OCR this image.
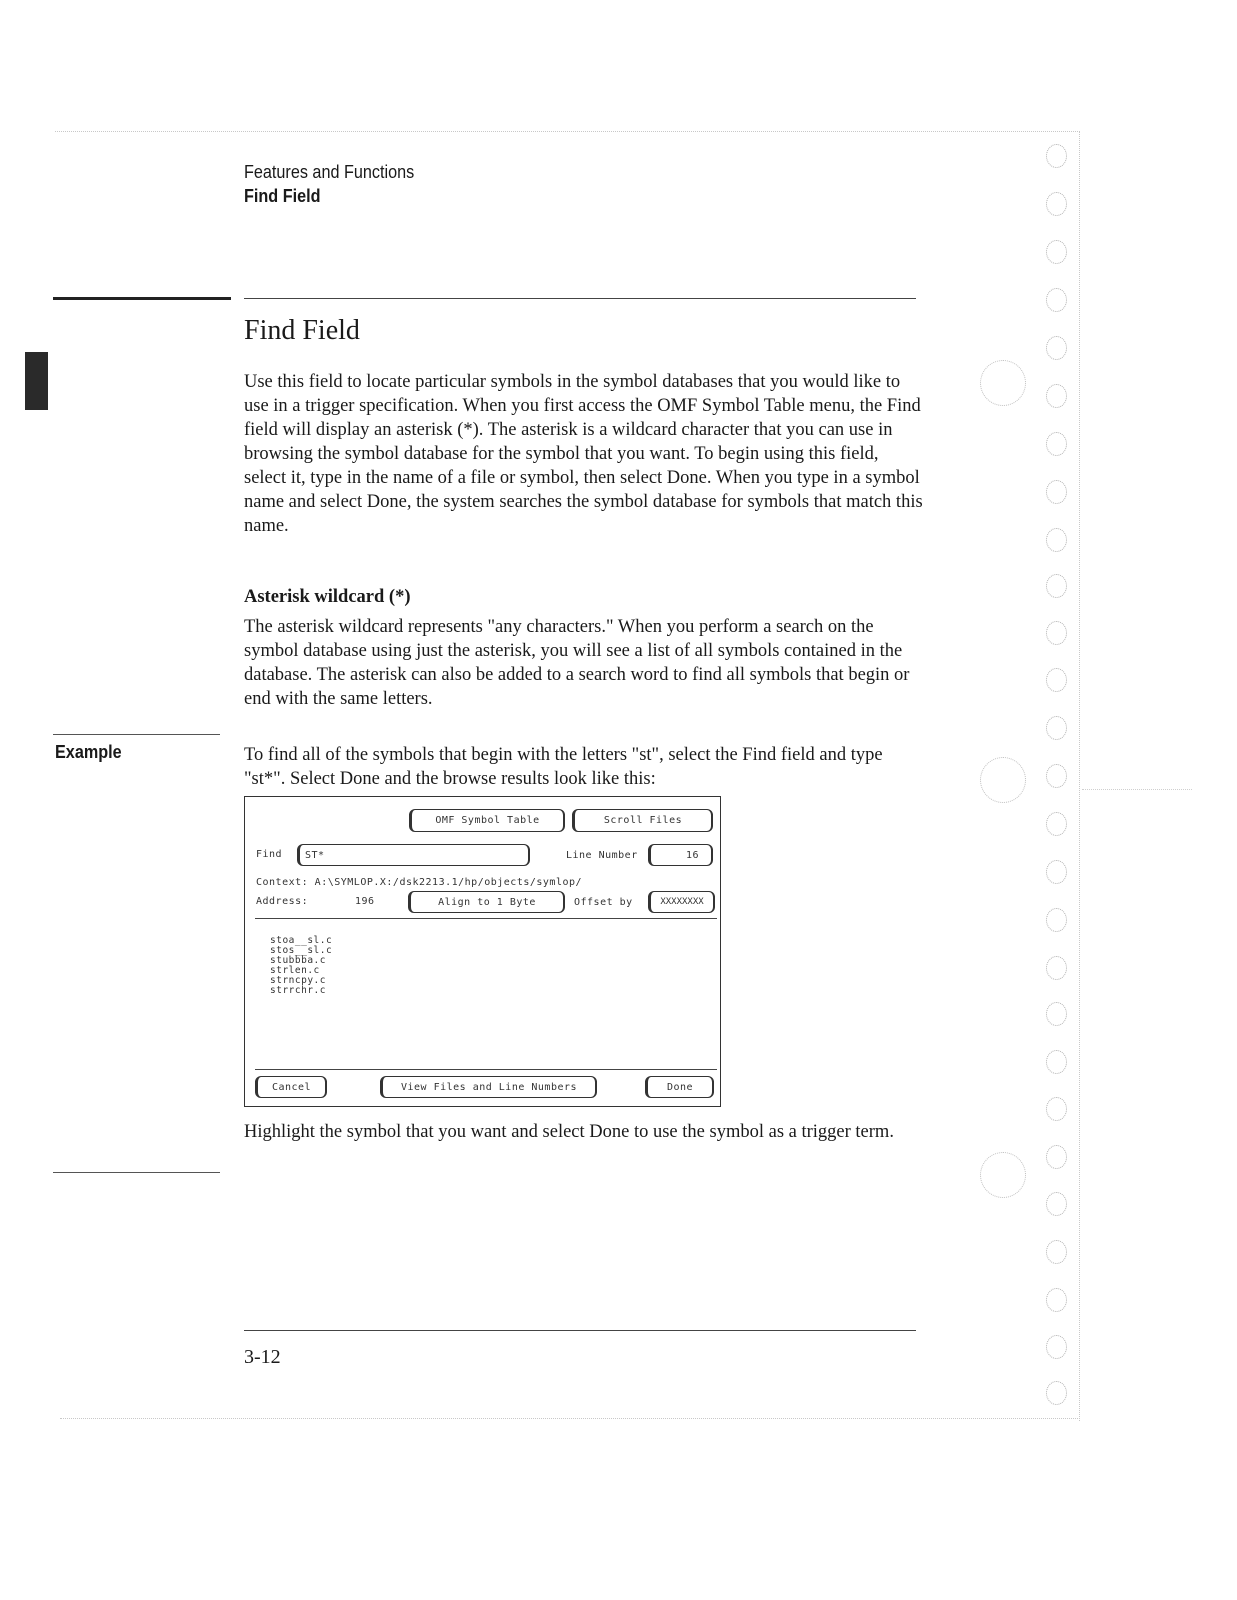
Features and Functions
Find Field
Find Field

Use this field to locate particular symbols in the symbol databases that you would like to use in a trigger specification. When you first access the OMF Symbol Table menu, the Find field will display an asterisk (*). The asterisk is a wildcard character that you can use in browsing the symbol database for the symbol that you want. To begin using this field, select it, type in the name of a file or symbol, then select Done. When you type in a symbol name and select Done, the system searches the symbol database for symbols that match this name.

Asterisk wildcard (*)

The asterisk wildcard represents "any characters." When you perform a search on the symbol database using just the asterisk, you will see a list of all symbols contained in the database. The asterisk can also be added to a search word to find all symbols that begin or end with the same letters.

Example	To find all of the symbols that begin with the letters "st", select the Find field and type "st*". Select Done and the browse results look like this:

OMF Symbol Table	Scroll Files
Find	ST*	Line Number	16
Context: A:\SYMLOP.X:/dsk2213.1/hp/objects/symlop/
Address:	196	Align to 1 Byte	Offset by	XXXXXXXX
stoa__sl.c
stos__sl.c
stubbba.c
strlen.c
strncpy.c
strrchr.c
Cancel	View Files and Line Numbers	Done

Highlight the symbol that you want and select Done to use the symbol as a trigger term.

3-12
